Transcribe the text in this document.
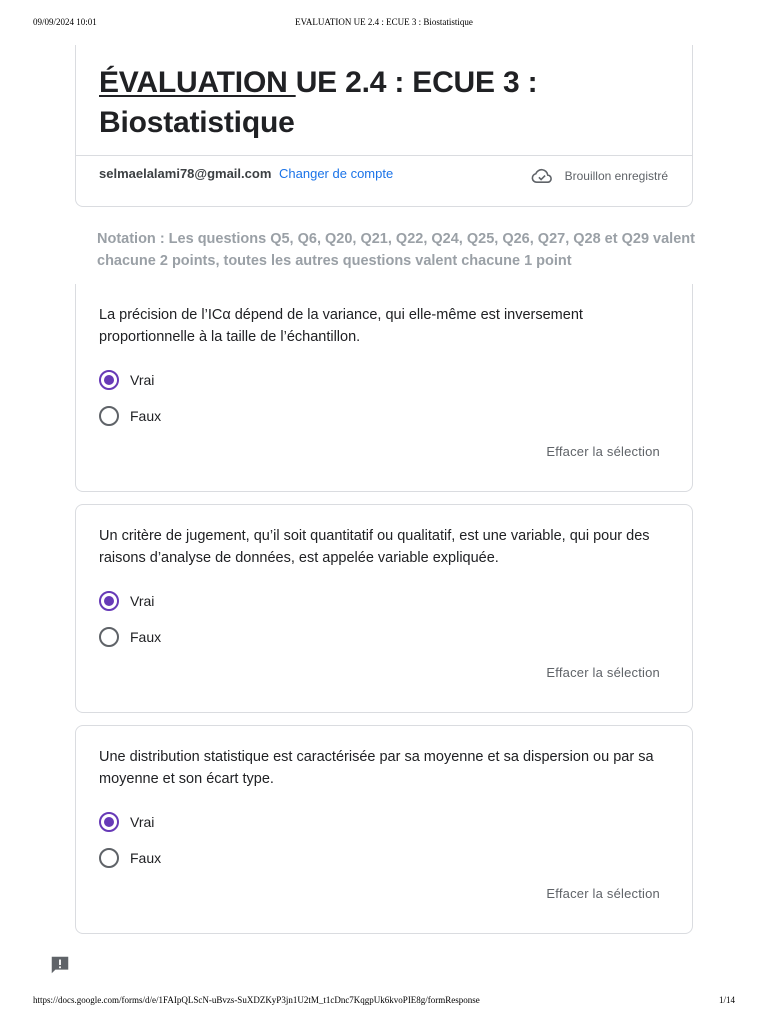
09/09/2024 10:01	EVALUATION UE 2.4 : ECUE 3 : Biostatistique
ÉVALUATION UE 2.4 : ECUE 3 : Biostatistique
selmaelalami78@gmail.com Changer de compte	Brouillon enregistré
Notation : Les questions Q5, Q6, Q20, Q21, Q22, Q24, Q25, Q26, Q27, Q28 et Q29 valent chacune 2 points, toutes les autres questions valent chacune 1 point
La précision de l’ICα dépend de la variance, qui elle-même est inversement proportionnelle à la taille de l’échantillon.
Vrai
Faux
Effacer la sélection
Un critère de jugement, qu’il soit quantitatif ou qualitatif, est une variable, qui pour des raisons d’analyse de données, est appelée variable expliquée.
Vrai
Faux
Effacer la sélection
Une distribution statistique est caractérisée par sa moyenne et sa dispersion ou par sa moyenne et son écart type.
Vrai
Faux
Effacer la sélection
https://docs.google.com/forms/d/e/1FAIpQLScN-uBvzs-SuXDZKyP3jn1U2tM_t1cDnc7KqgpUk6kvoPIE8g/formResponse	1/14
